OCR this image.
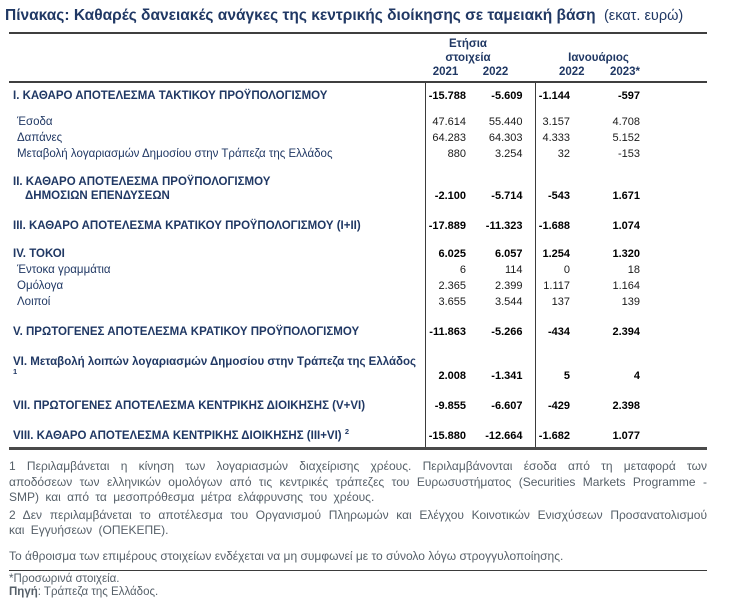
Πίνακας: Καθαρές δανειακές ανάγκες της κεντρικής διοίκησης σε ταμειακή βάση (εκατ. ευρώ)
	Ετήσια στοιχεία		Ιανουάριος		
	2021	2022	2022	2023*	
I. ΚΑΘΑΡΟ ΑΠΟΤΕΛΕΣΜΑ ΤΑΚΤΙΚΟΥ ΠΡΟΫΠΟΛΟΓΙΣΜΟΥ	-15.788	-5.609	-1.144	-597	

Έσοδα	47.614	55.440	3.157	4.708	

Δαπάνες	64.283	64.303	4.333	5.152	

Μεταβολή λογαριασμών Δημοσίου στην Τράπεζα της Ελλάδος	880	3.254	32	-153	

II. ΚΑΘΑΡΟ ΑΠΟΤΕΛΕΣΜΑ ΠΡΟΫΠΟΛΟΓΙΣΜΟΥ
ΔΗΜΟΣΙΩΝ ΕΠΕΝΔΥΣΕΩΝ	-2.100	-5.714	-543	1.671	

III. ΚΑΘΑΡΟ ΑΠΟΤΕΛΕΣΜΑ ΚΡΑΤΙΚΟΥ ΠΡΟΫΠΟΛΟΓΙΣΜΟΥ (I+II)	-17.889	-11.323	-1.688	1.074	

IV. ΤΟΚΟΙ	6.025	6.057	1.254	1.320	

Έντοκα γραμμάτια	6	114	0	18	

Ομόλογα	2.365	2.399	1.117	1.164	

Λοιποί	3.655	3.544	137	139	

V. ΠΡΩΤΟΓΕΝΕΣ ΑΠΟΤΕΛΕΣΜΑ ΚΡΑΤΙΚΟΥ ΠΡΟΫΠΟΛΟΓΙΣΜΟΥ	-11.863	-5.266	-434	2.394	

VI. Μεταβολή λοιπών λογαριασμών Δημοσίου στην Τράπεζα της Ελλάδος $^1$	2.008	-1.341	5	4	

VII. ΠΡΩΤΟΓΕΝΕΣ ΑΠΟΤΕΛΕΣΜΑ ΚΕΝΤΡΙΚΗΣ ΔΙΟΙΚΗΣΗΣ (V+VI)	-9.855	-6.607	-429	2.398	

VIII. ΚΑΘΑΡΟ ΑΠΟΤΕΛΕΣΜΑ ΚΕΝΤΡΙΚΗΣ ΔΙΟΙΚΗΣΗΣ (III+VI) $^2$	-15.880	-12.664	-1.682	1.077	

1 Περιλαμβάνεται η κίνηση των λογαριασμών διαχείρισης χρέους. Περιλαμβάνονται έσοδα από τη μεταφορά των αποδόσεων των ελληνικών ομολόγων από τις κεντρικές τράπεζες του Ευρωσυστήματος (Securities Markets Programme - SMP) και από τα μεσοπρόθεσμα μέτρα ελάφρυνσης του χρέους.

2 Δεν περιλαμβάνεται το αποτέλεσμα του Οργανισμού Πληρωμών και Ελέγχου Κοινοτικών Ενισχύσεων Προσανατολισμού και Εγγυήσεων (ΟΠΕΚΕΠΕ).

Το άθροισμα των επιμέρους στοιχείων ενδέχεται να μη συμφωνεί με το σύνολο λόγω στρογγυλοποίησης.
*Προσωρινά στοιχεία.
Πηγή: Τράπεζα της Ελλάδος.
